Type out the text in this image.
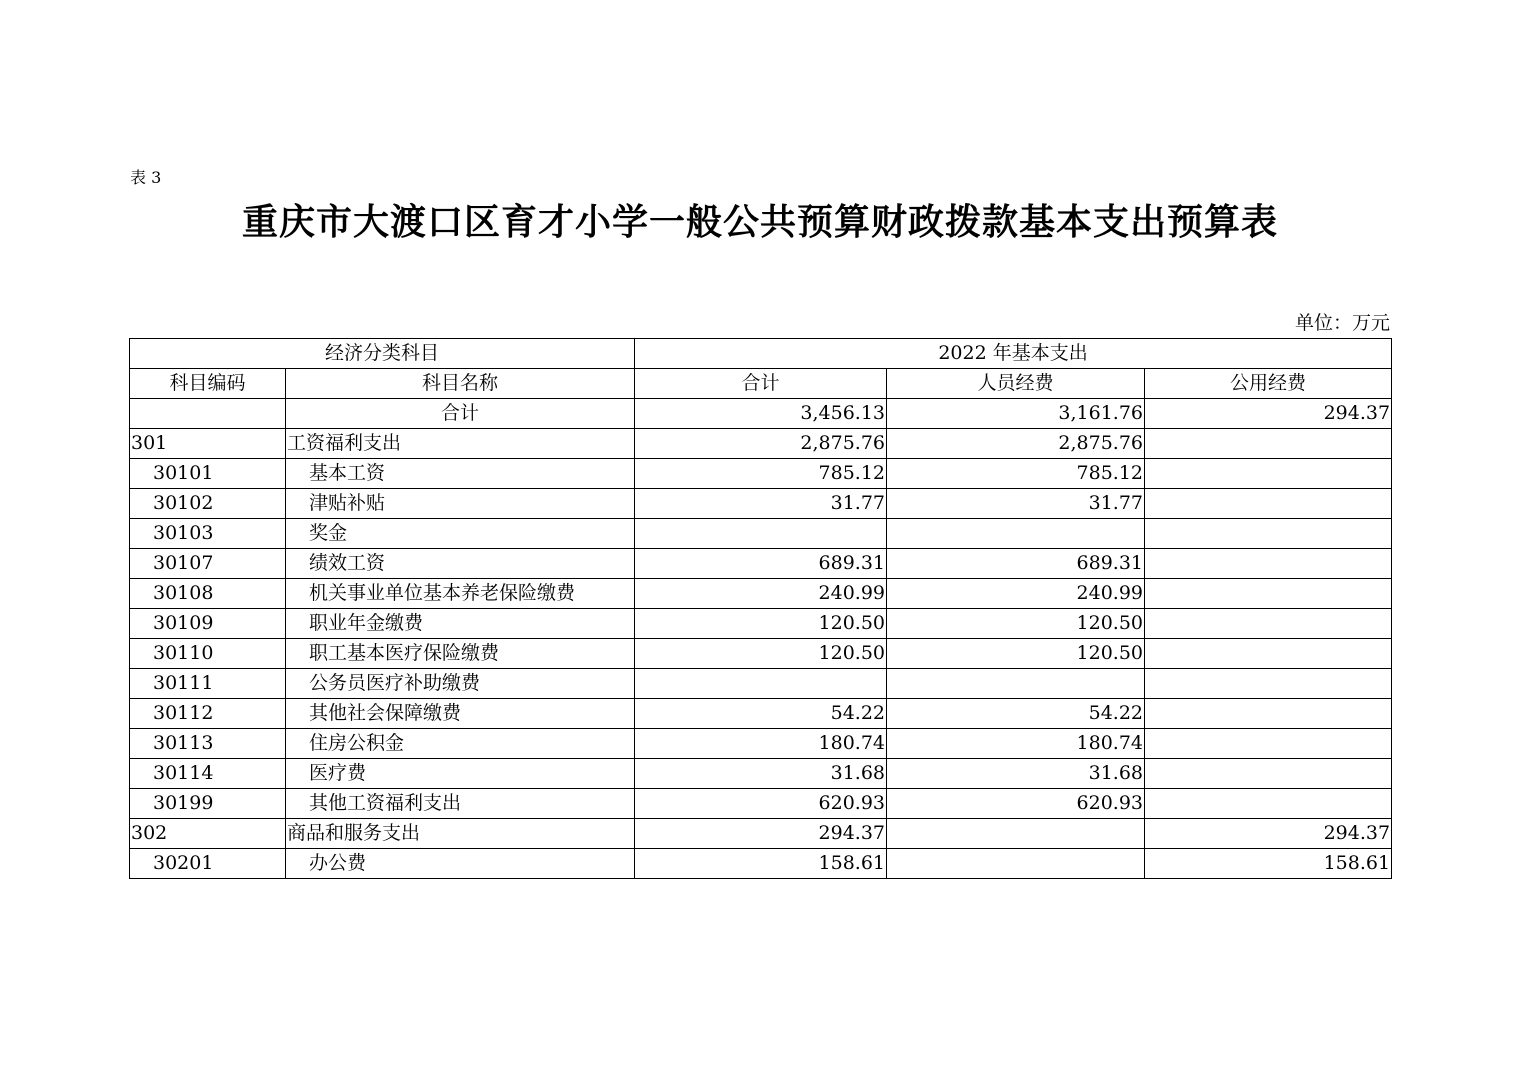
表 3
重庆市大渡口区育才小学一般公共预算财政拨款基本支出预算表
单位：万元
经济分类科目		2022 年基本支出		
科目编码	科目名称	合计	人员经费	公用经费
	合计	3,456.13	3,161.76	294.37
301	工资福利支出	2,875.76	2,875.76	
30101	基本工资	785.12	785.12	
30102	津贴补贴	31.77	31.77	
30103	奖金			
30107	绩效工资	689.31	689.31	
30108	机关事业单位基本养老保险缴费	240.99	240.99	
30109	职业年金缴费	120.50	120.50	
30110	职工基本医疗保险缴费	120.50	120.50	
30111	公务员医疗补助缴费			
30112	其他社会保障缴费	54.22	54.22	
30113	住房公积金	180.74	180.74	
30114	医疗费	31.68	31.68	
30199	其他工资福利支出	620.93	620.93	
302	商品和服务支出	294.37		294.37
30201	办公费	158.61		158.61
